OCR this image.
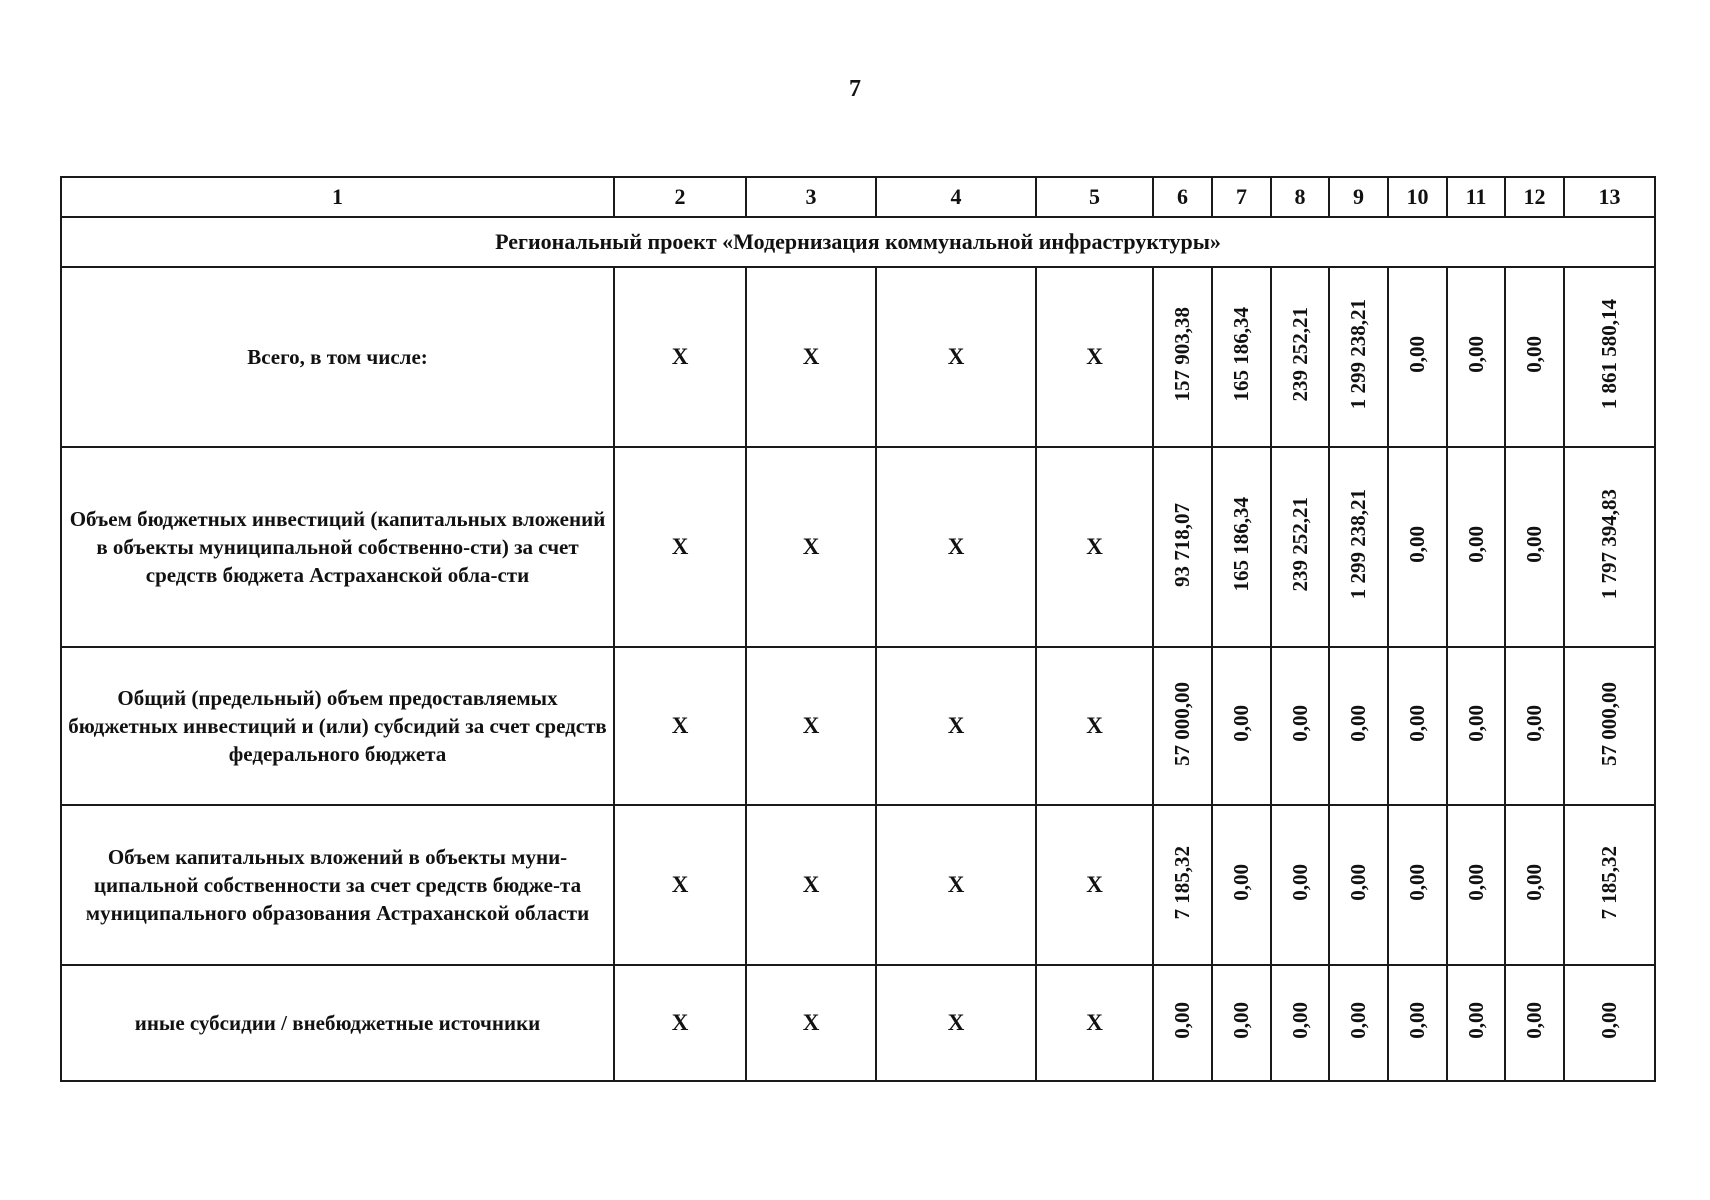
7
1	2	3	4	5	6	7	8	9	10	11	12	13
Региональный проект «Модернизация коммунальной инфраструктуры»												
Всего, в том числе:	X	X	X	X	157 903,38	165 186,34	239 252,21	1 299 238,21	0,00	0,00	0,00	1 861 580,14
Объем бюджетных инвестиций (капитальных вложений в объекты муниципальной собственно-сти) за счет средств бюджета Астраханской обла-сти	X	X	X	X	93 718,07	165 186,34	239 252,21	1 299 238,21	0,00	0,00	0,00	1 797 394,83
Общий (предельный) объем предоставляемых бюджетных инвестиций и (или) субсидий за счет средств федерального бюджета	X	X	X	X	57 000,00	0,00	0,00	0,00	0,00	0,00	0,00	57 000,00
Объем капитальных вложений в объекты муни-ципальной собственности за счет средств бюдже-та муниципального образования Астраханской области	X	X	X	X	7 185,32	0,00	0,00	0,00	0,00	0,00	0,00	7 185,32
иные субсидии / внебюджетные источники	X	X	X	X	0,00	0,00	0,00	0,00	0,00	0,00	0,00	0,00
